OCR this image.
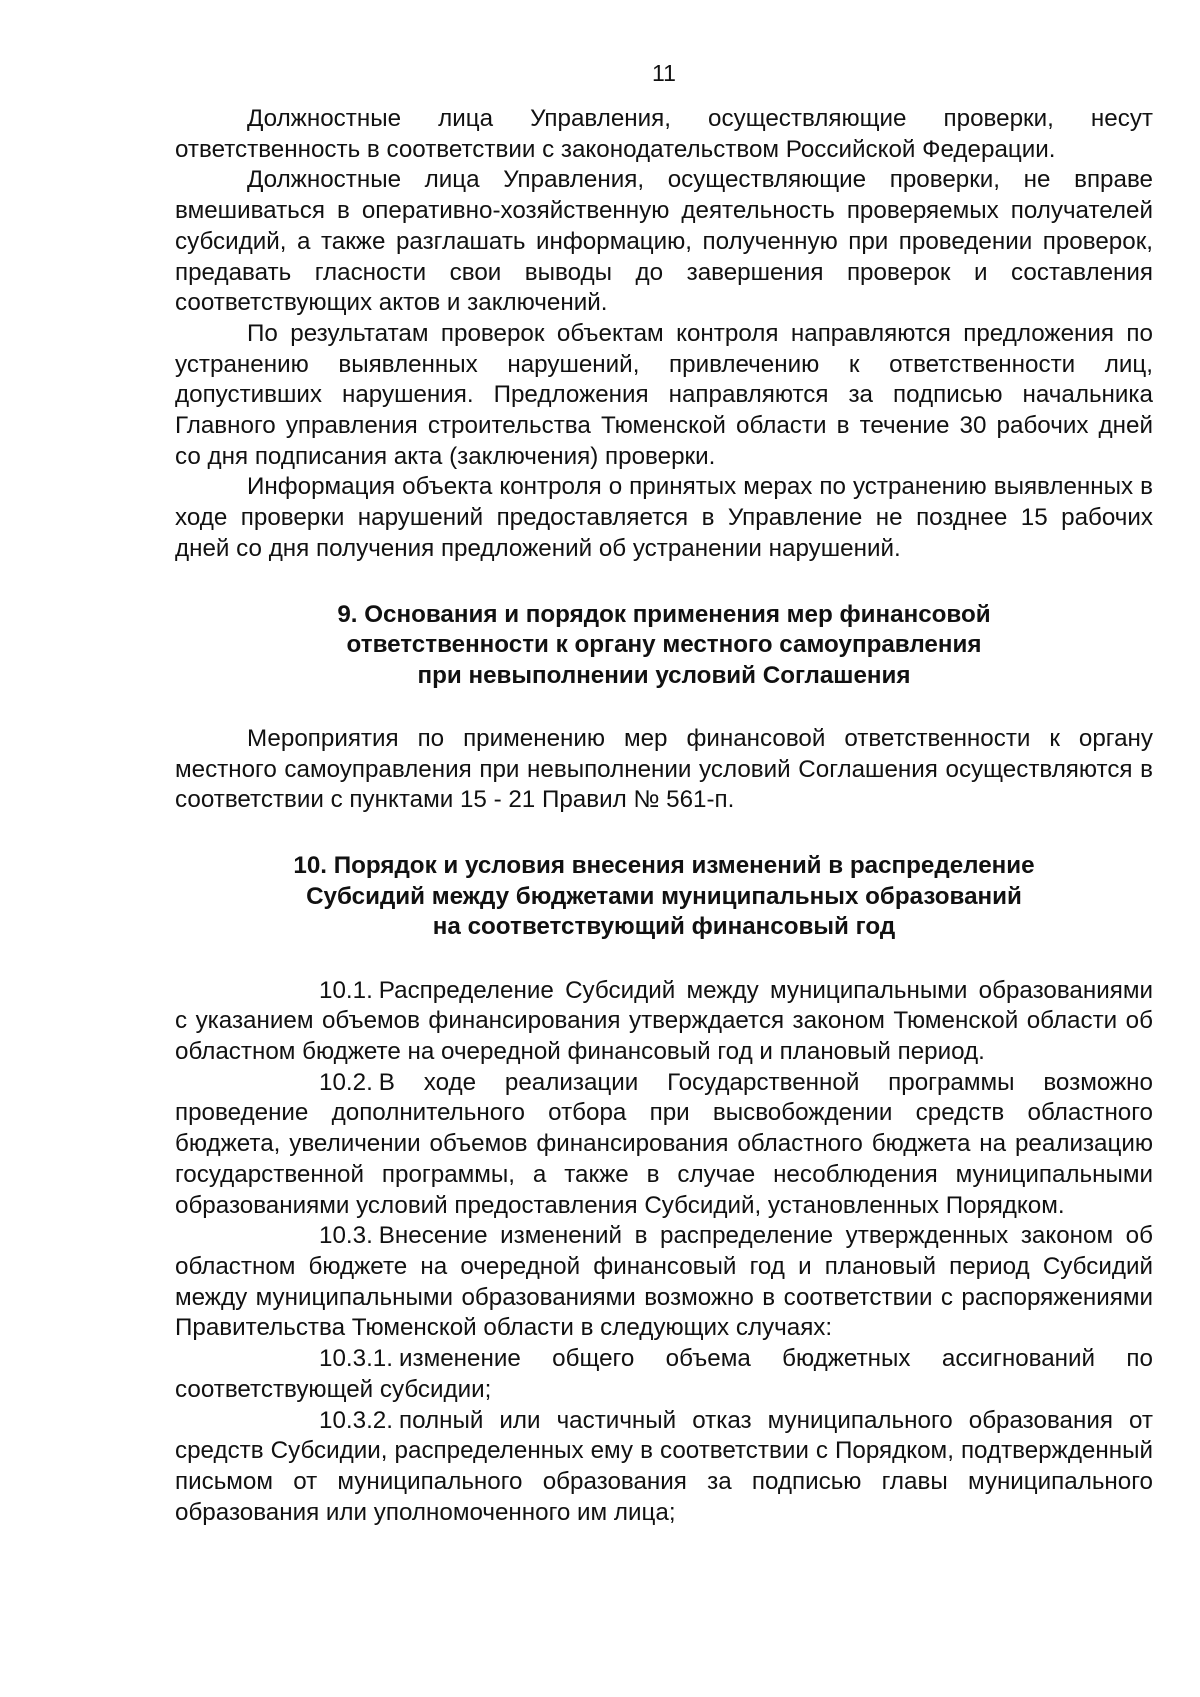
11

Должностные лица Управления, осуществляющие проверки, несут ответственность в соответствии с законодательством Российской Федерации.

Должностные лица Управления, осуществляющие проверки, не вправе вмешиваться в оперативно-хозяйственную деятельность проверяемых получателей субсидий, а также разглашать информацию, полученную при проведении проверок, предавать гласности свои выводы до завершения проверок и составления соответствующих актов и заключений.

По результатам проверок объектам контроля направляются предложения по устранению выявленных нарушений, привлечению к ответственности лиц, допустивших нарушения. Предложения направляются за подписью начальника Главного управления строительства Тюменской области в течение 30 рабочих дней со дня подписания акта (заключения) проверки.

Информация объекта контроля о принятых мерах по устранению выявленных в ходе проверки нарушений предоставляется в Управление не позднее 15 рабочих дней со дня получения предложений об устранении нарушений.

9. Основания и порядок применения мер финансовой
ответственности к органу местного самоуправления
при невыполнении условий Соглашения

Мероприятия по применению мер финансовой ответственности к органу местного самоуправления при невыполнении условий Соглашения осуществляются в соответствии с пунктами 15 - 21 Правил № 561-п.

10. Порядок и условия внесения изменений в распределение
Субсидий между бюджетами муниципальных образований
на соответствующий финансовый год

10.1. Распределение Субсидий между муниципальными образованиями с указанием объемов финансирования утверждается законом Тюменской области об областном бюджете на очередной финансовый год и плановый период.

10.2. В ходе реализации Государственной программы возможно проведение дополнительного отбора при высвобождении средств областного бюджета, увеличении объемов финансирования областного бюджета на реализацию государственной программы, а также в случае несоблюдения муниципальными образованиями условий предоставления Субсидий, установленных Порядком.

10.3. Внесение изменений в распределение утвержденных законом об областном бюджете на очередной финансовый год и плановый период Субсидий между муниципальными образованиями возможно в соответствии с распоряжениями Правительства Тюменской области в следующих случаях:

10.3.1. изменение общего объема бюджетных ассигнований по соответствующей субсидии;

10.3.2. полный или частичный отказ муниципального образования от средств Субсидии, распределенных ему в соответствии с Порядком, подтвержденный письмом от муниципального образования за подписью главы муниципального образования или уполномоченного им лица;
